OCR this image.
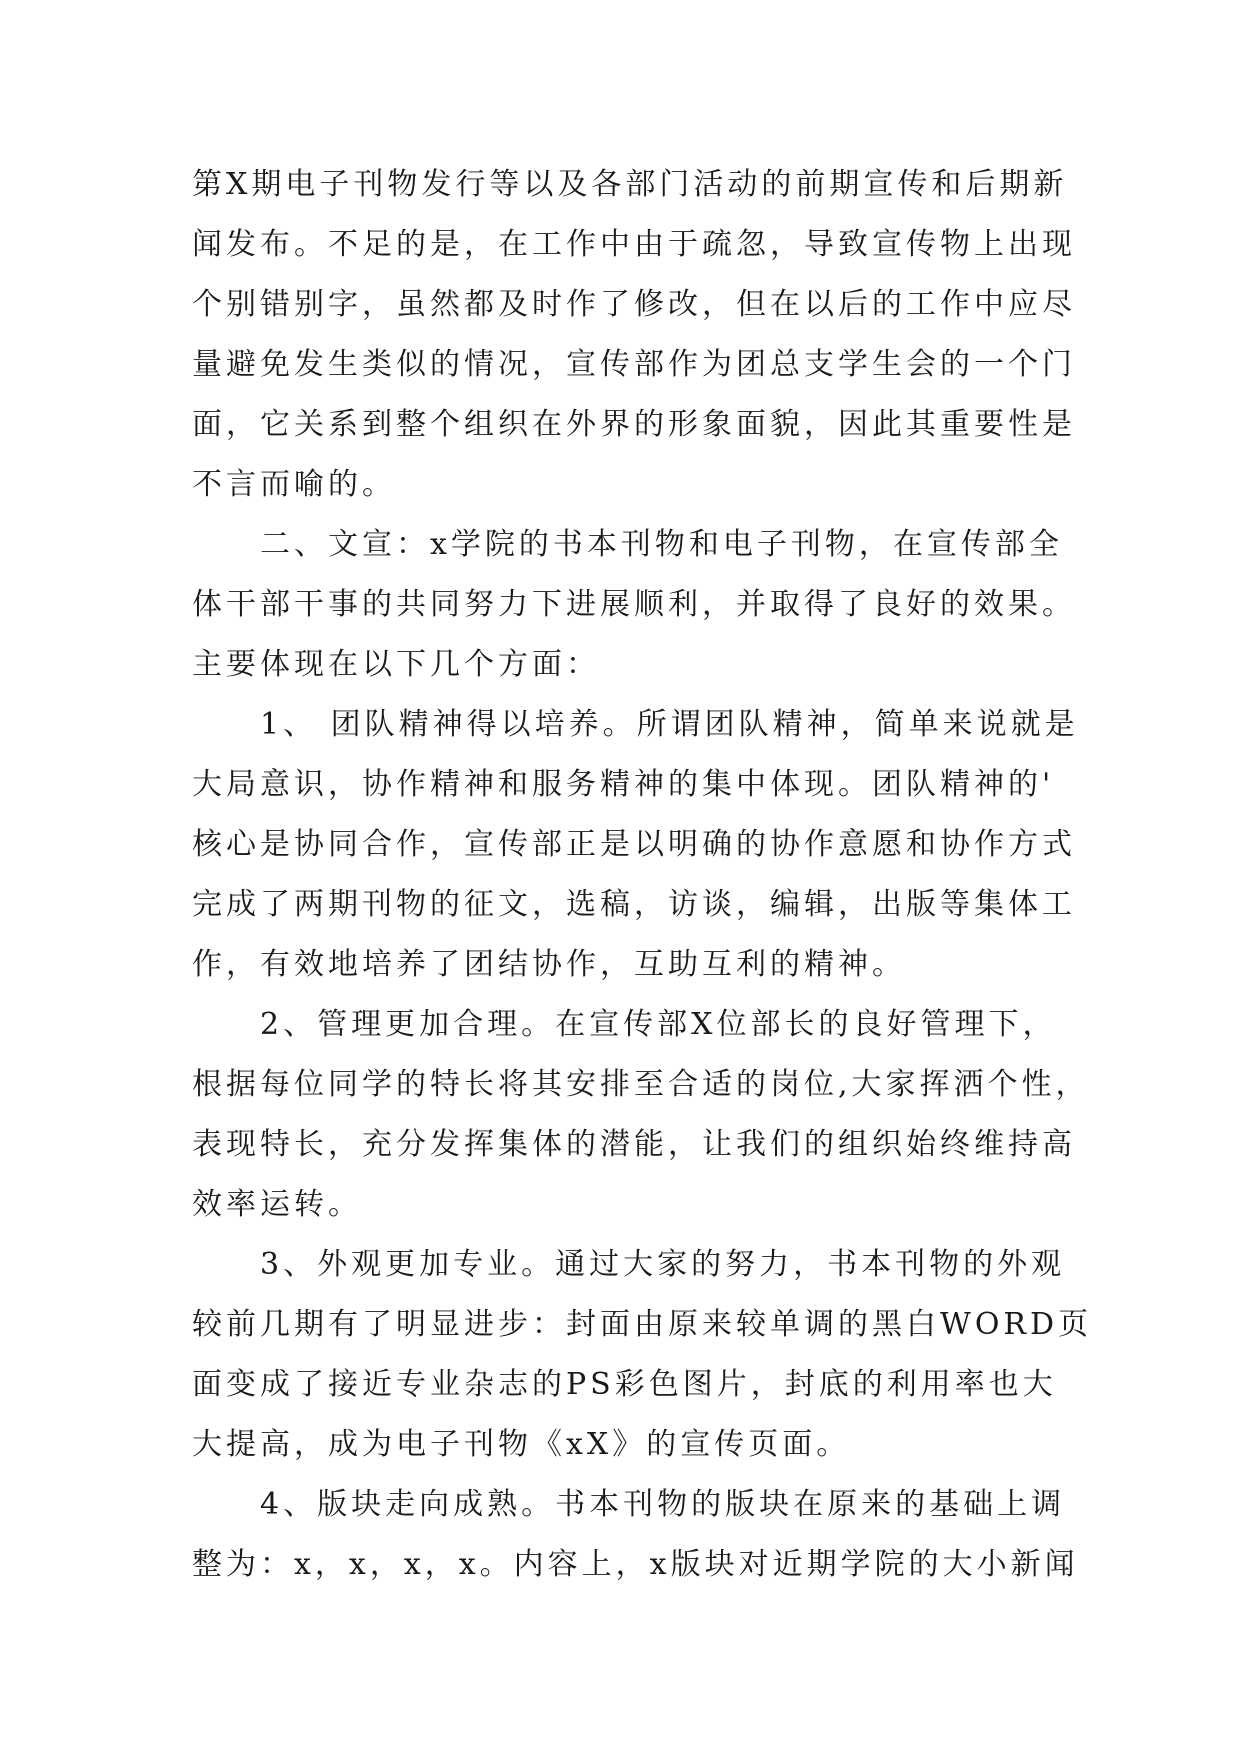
第X期电子刊物发行等以及各部门活动的前期宣传和后期新
闻发布。不足的是，在工作中由于疏忽，导致宣传物上出现
个别错别字，虽然都及时作了修改，但在以后的工作中应尽
量避免发生类似的情况，宣传部作为团总支学生会的一个门
面，它关系到整个组织在外界的形象面貌，因此其重要性是
不言而喻的。
　　二、文宣：x学院的书本刊物和电子刊物，在宣传部全
体干部干事的共同努力下进展顺利，并取得了良好的效果。
主要体现在以下几个方面：
　　1、 团队精神得以培养。所谓团队精神，简单来说就是
大局意识，协作精神和服务精神的集中体现。团队精神的'
核心是协同合作，宣传部正是以明确的协作意愿和协作方式
完成了两期刊物的征文，选稿，访谈，编辑，出版等集体工
作，有效地培养了团结协作，互助互利的精神。
　　2、管理更加合理。在宣传部X位部长的良好管理下，
根据每位同学的特长将其安排至合适的岗位,大家挥洒个性，
表现特长，充分发挥集体的潜能，让我们的组织始终维持高
效率运转。
　　3、外观更加专业。通过大家的努力，书本刊物的外观
较前几期有了明显进步：封面由原来较单调的黑白WORD页
面变成了接近专业杂志的PS彩色图片，封底的利用率也大
大提高，成为电子刊物《xX》的宣传页面。
　　4、版块走向成熟。书本刊物的版块在原来的基础上调
整为：x，x，x，x。内容上，x版块对近期学院的大小新闻
